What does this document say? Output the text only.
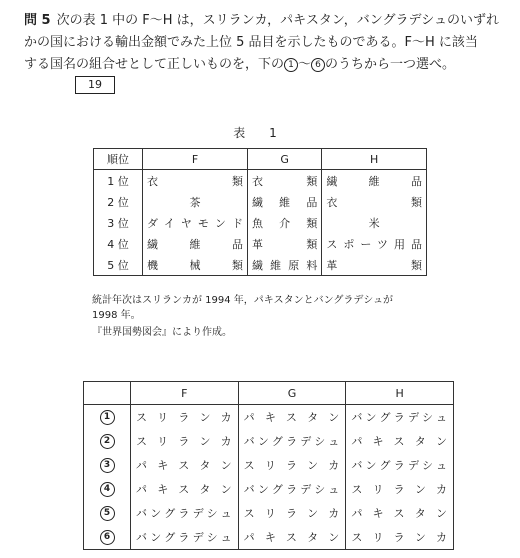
問 5 次の表 1 中の F〜H は，スリランカ，パキスタン，バングラデシュのいずれ
かの国における輸出金額でみた上位 5 品目を示したものである。F〜H に該当
する国名の組合せとして正しいものを，下の 1 〜 6 のうちから一つ選べ。
19
表 1
順位	F	G	H
1 位	衣　　類	衣　　類	繊 維 品
2 位	茶	繊 維 品	衣　　類
3 位	ダイヤモンド	魚 介 類	米
4 位	繊 維 品	革　　類	スポーツ用品
5 位	機 械 類	繊維原料	革　　類
統計年次はスリランカが 1994 年，パキスタンとバングラデシュが
1998 年。
『世界国勢図会』により作成。
	F	G	H
1	スリランカ	パキスタン	バングラデシュ
2	スリランカ	バングラデシュ	パキスタン
3	パキスタン	スリランカ	バングラデシュ
4	パキスタン	バングラデシュ	スリランカ
5	バングラデシュ	スリランカ	パキスタン
6	バングラデシュ	パキスタン	スリランカ
